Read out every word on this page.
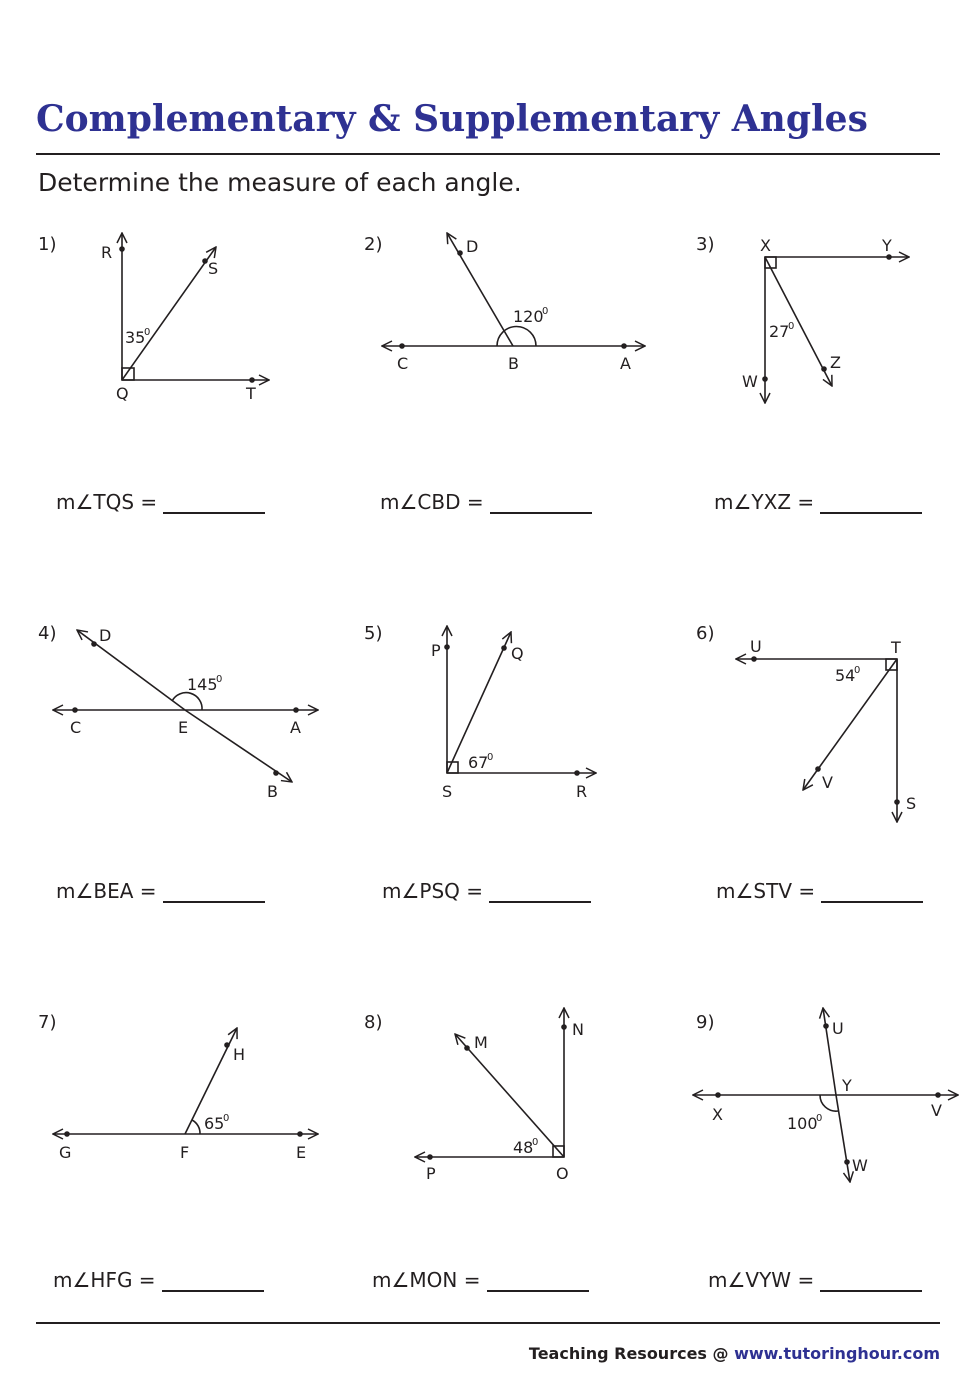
Complementary & Supplementary Angles
Determine the measure of each angle.
1)	2)	3)
4)	5)	6)
7)	8)	9)
m∠TQS =	m∠CBD =	m∠YXZ =
m∠BEA =	m∠PSQ =	m∠STV =
m∠HFG =	m∠MON =	m∠VYW =
R
S
Q	T
35
0
D
C	B	A
120
0
X	Y
W
Z
27
0
D
C	E	A
B
145
0
P	Q
S	R
67
0
U	T
V
S
54
0
H
G	F	E
65
0
M
N
P	O
48
0
U
Y
X	V
W
100
0
Teaching Resources @ www.tutoringhour.com
